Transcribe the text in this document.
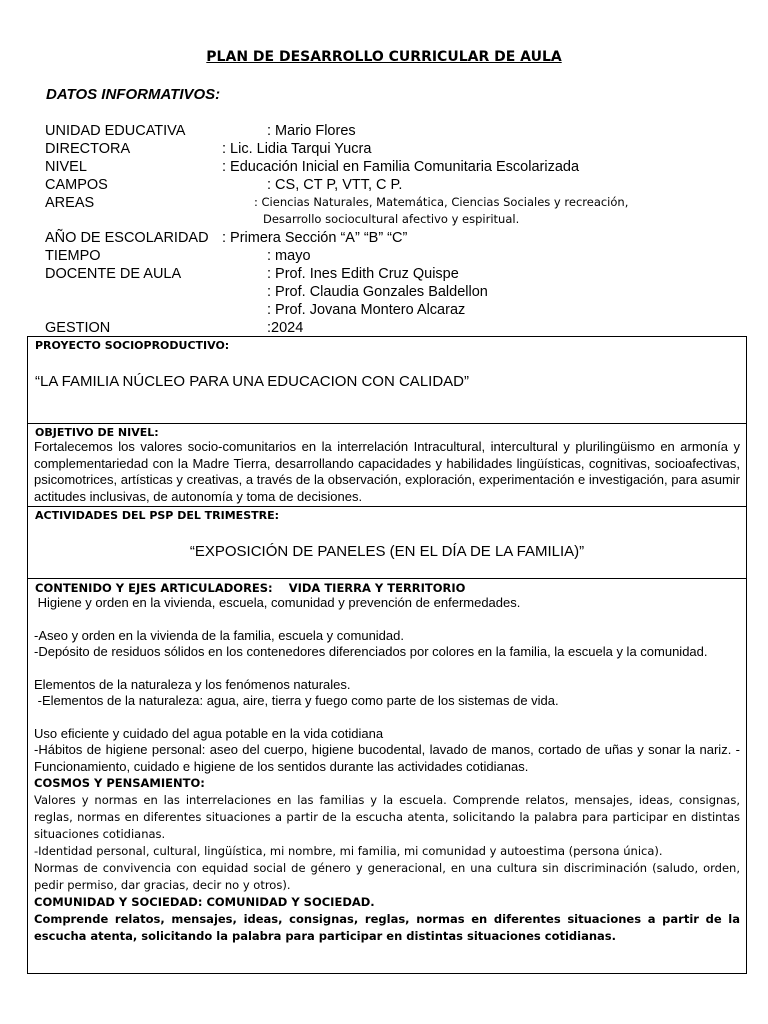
PLAN DE DESARROLLO CURRICULAR DE AULA
DATOS INFORMATIVOS:
UNIDAD EDUCATIVA	: Mario Flores
DIRECTORA	: Lic. Lidia Tarqui Yucra
NIVEL	: Educación Inicial en Familia Comunitaria Escolarizada
CAMPOS	: CS, CT P, VTT, C P.
AREAS	: Ciencias Naturales, Matemática, Ciencias Sociales y recreación,
Desarrollo sociocultural afectivo y espiritual.
AÑO DE ESCOLARIDAD : Primera Sección “A” “B” “C”
TIEMPO	: mayo
DOCENTE DE AULA	: Prof. Ines Edith Cruz Quispe
: Prof. Claudia Gonzales Baldellon
: Prof. Jovana Montero Alcaraz
GESTION	:2024
PROYECTO SOCIOPRODUCTIVO:
“LA FAMILIA NÚCLEO PARA UNA EDUCACION CON CALIDAD”
OBJETIVO DE NIVEL:
Fortalecemos los valores socio-comunitarios en la interrelación Intracultural, intercultural y plurilingüismo en armonía y complementariedad con la Madre Tierra, desarrollando capacidades y habilidades lingüísticas, cognitivas, socioafectivas, psicomotrices, artísticas y creativas, a través de la observación, exploración, experimentación e investigación, para asumir actitudes inclusivas, de autonomía y toma de decisiones.
ACTIVIDADES DEL PSP DEL TRIMESTRE:
“EXPOSICIÓN DE PANELES (EN EL DÍA DE LA FAMILIA)”
CONTENIDO Y EJES ARTICULADORES: VIDA TIERRA Y TERRITORIO

Higiene y orden en la vivienda, escuela, comunidad y prevención de enfermedades.

-Aseo y orden en la vivienda de la familia, escuela y comunidad.

-Depósito de residuos sólidos en los contenedores diferenciados por colores en la familia, la escuela y la comunidad.

Elementos de la naturaleza y los fenómenos naturales.

-Elementos de la naturaleza: agua, aire, tierra y fuego como parte de los sistemas de vida.

Uso eficiente y cuidado del agua potable en la vida cotidiana

-Hábitos de higiene personal: aseo del cuerpo, higiene bucodental, lavado de manos, cortado de uñas y sonar la nariz. -Funcionamiento, cuidado e higiene de los sentidos durante las actividades cotidianas.

COSMOS Y PENSAMIENTO:

Valores y normas en las interrelaciones en las familias y la escuela. Comprende relatos, mensajes, ideas, consignas, reglas, normas en diferentes situaciones a partir de la escucha atenta, solicitando la palabra para participar en distintas situaciones cotidianas.

-Identidad personal, cultural, lingüística, mi nombre, mi familia, mi comunidad y autoestima (persona única).

Normas de convivencia con equidad social de género y generacional, en una cultura sin discriminación (saludo, orden, pedir permiso, dar gracias, decir no y otros).

COMUNIDAD Y SOCIEDAD: COMUNIDAD Y SOCIEDAD.

Comprende relatos, mensajes, ideas, consignas, reglas, normas en diferentes situaciones a partir de la escucha atenta, solicitando la palabra para participar en distintas situaciones cotidianas.
